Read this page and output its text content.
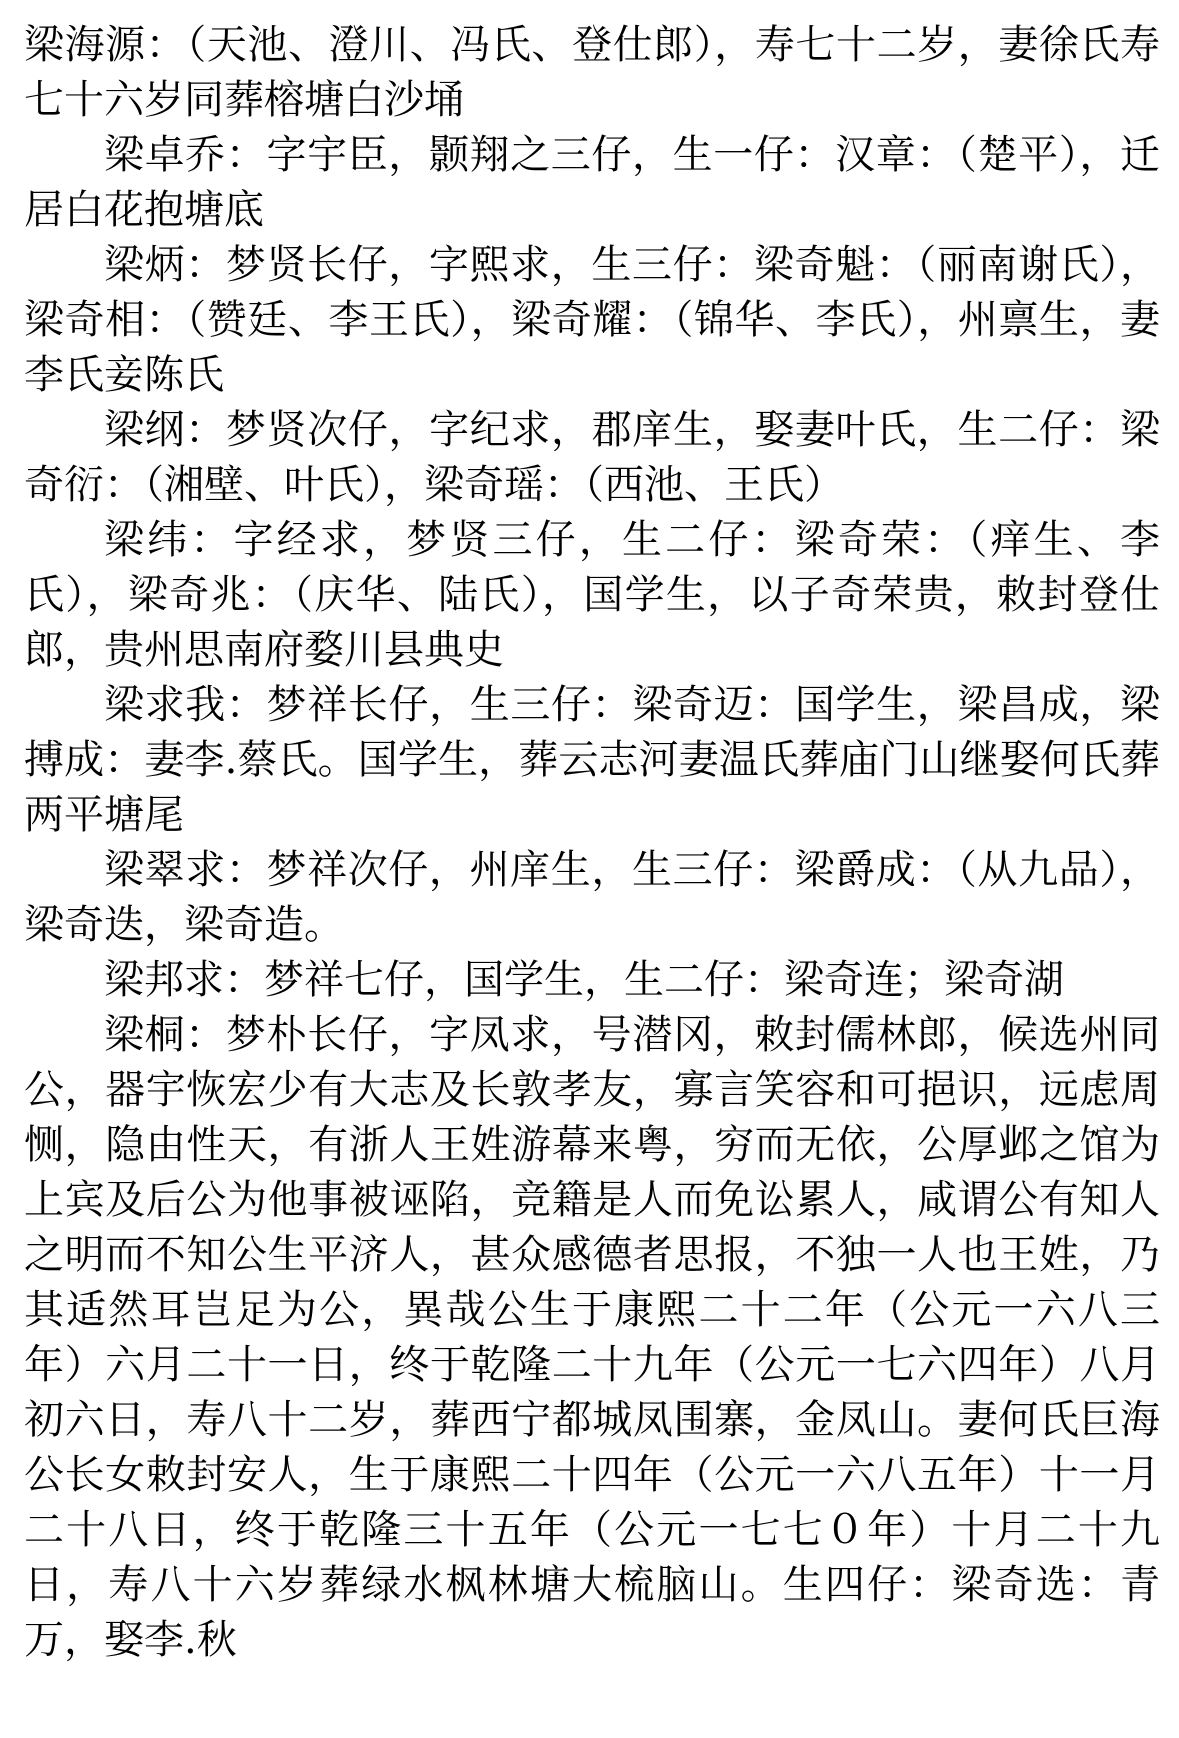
梁海源：（天池、澄川、冯氏、登仕郎），寿七十二岁，妻徐氏寿七十六岁同葬榕塘白沙埇

梁卓乔：字宇臣，颢翔之三仔，生一仔：汉章：（楚平），迁居白花抱塘底

梁炳：梦贤长仔，字熙求，生三仔：梁奇魁：（丽南谢氏），梁奇相：（赞廷、李王氏），梁奇耀：（锦华、李氏），州禀生，妻李氏妾陈氏

梁纲：梦贤次仔，字纪求，郡庠生，娶妻叶氏，生二仔：梁奇衍：（湘壁、叶氏），梁奇瑶：（西池、王氏）

梁纬：字经求，梦贤三仔，生二仔：梁奇荣：（痒生、李氏），梁奇兆：（庆华、陆氏），国学生，以子奇荣贵，敕封登仕郎，贵州思南府婺川县典史

梁求我：梦祥长仔，生三仔：梁奇迈：国学生，梁昌成，梁搏成：妻李.蔡氏。国学生，葬云志河妻温氏葬庙门山继娶何氏葬两平塘尾

梁翠求：梦祥次仔，州庠生，生三仔：梁爵成：（从九品），梁奇迭，梁奇造。

梁邦求：梦祥七仔，国学生，生二仔：梁奇连；梁奇湖

梁桐：梦朴长仔，字凤求，号潜冈，敕封儒林郎，候选州同公，器宇恢宏少有大志及长敦孝友，寡言笑容和可挹识，远虑周恻，隐由性天，有浙人王姓游幕来粤，穷而无依，公厚邺之馆为上宾及后公为他事被诬陷，竞籍是人而免讼累人，咸谓公有知人之明而不知公生平济人，甚众感德者思报，不独一人也王姓，乃其适然耳岂足为公，異哉公生于康熙二十二年（公元一六八三年）六月二十一日，终于乾隆二十九年（公元一七六四年）八月初六日，寿八十二岁，葬西宁都城凤围寨，金凤山。妻何氏巨海公长女敕封安人，生于康熙二十四年（公元一六八五年）十一月二十八日，终于乾隆三十五年（公元一七七０年）十月二十九日，寿八十六岁葬绿水枫林塘大梳脑山。生四仔：梁奇选：青万，娶李.秋
